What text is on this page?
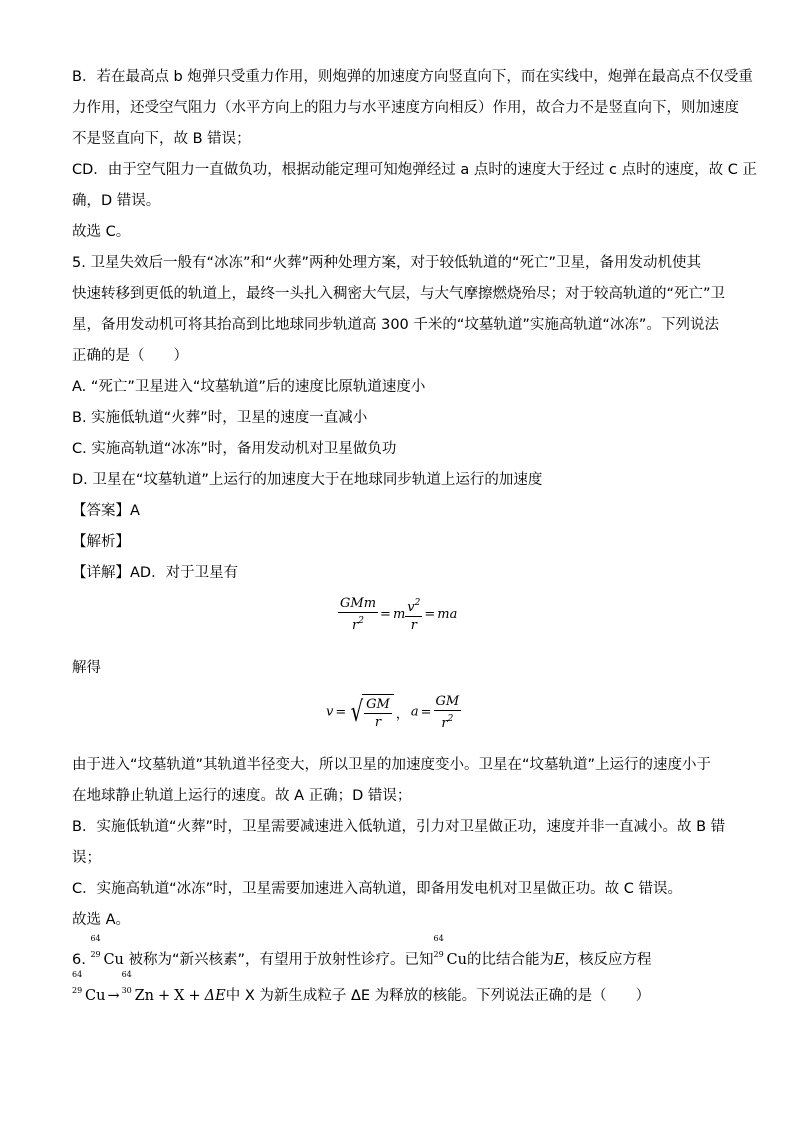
B．若在最高点 b 炮弹只受重力作用，则炮弹的加速度方向竖直向下，而在实线中，炮弹在最高点不仅受重
力作用，还受空气阻力（水平方向上的阻力与水平速度方向相反）作用，故合力不是竖直向下，则加速度
不是竖直向下，故 B 错误；
CD．由于空气阻力一直做负功，根据动能定理可知炮弹经过 a 点时的速度大于经过 c 点时的速度，故 C 正
确，D 错误。
故选 C。
5. 卫星失效后一般有“冰冻”和“火葬”两种处理方案，对于较低轨道的“死亡”卫星，备用发动机使其
快速转移到更低的轨道上，最终一头扎入稠密大气层，与大气摩擦燃烧殆尽；对于较高轨道的“死亡”卫
星，备用发动机可将其抬高到比地球同步轨道高 300 千米的“坟墓轨道”实施高轨道“冰冻”。下列说法
正确的是（　　）
A. “死亡”卫星进入“坟墓轨道”后的速度比原轨道速度小
B. 实施低轨道“火葬”时，卫星的速度一直减小
C. 实施高轨道“冰冻”时，备用发动机对卫星做负功
D. 卫星在“坟墓轨道”上运行的加速度大于在地球同步轨道上运行的加速度
【答案】A
【解析】
【详解】AD．对于卫星有
$\frac{\text{GMm}}{r^2} = m \frac{v^2}{r}$ = ma
解得
v = √ $\frac{GM}{r}$ ， $a = \frac{GM}{r^2}$
由于进入“坟墓轨道”其轨道半径变大，所以卫星的加速度变小。卫星在“坟墓轨道”上运行的速度小于
在地球静止轨道上运行的速度。故 A 正确；D 错误；
B．实施低轨道“火葬”时，卫星需要减速进入低轨道，引力对卫星做正功，速度并非一直减小。故 B 错
误；
C．实施高轨道“冰冻”时，卫星需要加速进入高轨道，即备用发电机对卫星做正功。故 C 错误。
故选 A。
6.
64
29 Cu 被称为“新兴核素”，有望用于放射性诊疗。已知
64
29 Cu的比结合能为E，核反应方程
64
29 Cu →
64
30 Zn + X + ΔE中 X 为新生成粒子 ΔE 为释放的核能。下列说法正确的是（　　）
